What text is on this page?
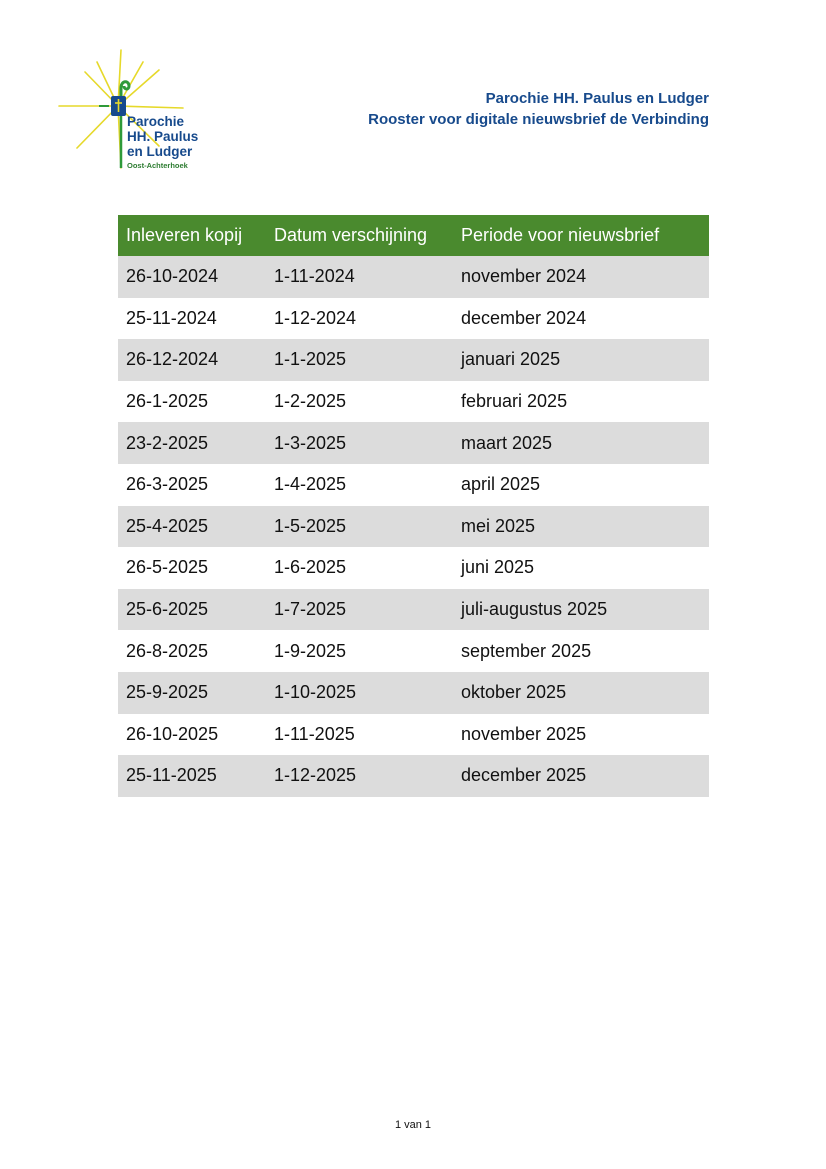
Parochie
HH. Paulus
en Ludger
Oost-Achterhoek
Parochie HH. Paulus en Ludger
Rooster voor digitale nieuwsbrief de Verbinding
Inleveren kopij	Datum verschijning	Periode voor nieuwsbrief
26-10-2024	1-11-2024	november 2024
25-11-2024	1-12-2024	december 2024
26-12-2024	1-1-2025	januari 2025
26-1-2025	1-2-2025	februari 2025
23-2-2025	1-3-2025	maart 2025
26-3-2025	1-4-2025	april 2025
25-4-2025	1-5-2025	mei 2025
26-5-2025	1-6-2025	juni 2025
25-6-2025	1-7-2025	juli-augustus 2025
26-8-2025	1-9-2025	september 2025
25-9-2025	1-10-2025	oktober 2025
26-10-2025	1-11-2025	november 2025
25-11-2025	1-12-2025	december 2025
1 van 1
